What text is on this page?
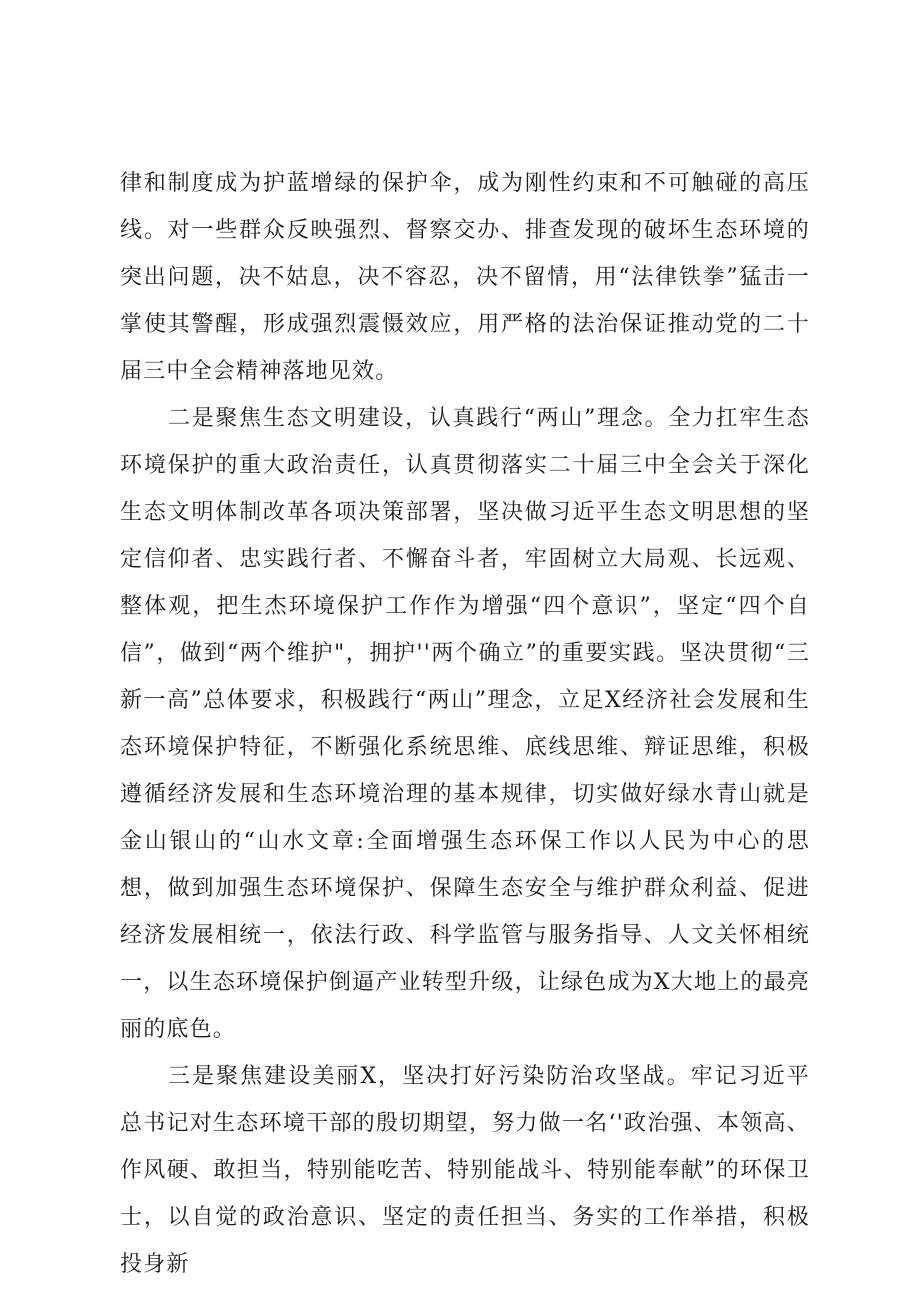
律和制度成为护蓝增绿的保护伞，成为刚性约束和不可触碰的高压线。对一些群众反映强烈、督察交办、排查发现的破坏生态环境的突出问题，决不姑息，决不容忍，决不留情，用“法律铁拳”猛击一掌使其警醒，形成强烈震慑效应，用严格的法治保证推动党的二十届三中全会精神落地见效。

二是聚焦生态文明建设，认真践行“两山”理念。全力扛牢生态环境保护的重大政治责任，认真贯彻落实二十届三中全会关于深化生态文明体制改革各项决策部署，坚决做习近平生态文明思想的坚定信仰者、忠实践行者、不懈奋斗者，牢固树立大局观、长远观、整体观，把生杰环境保护工作作为增强“四个意识”，坚定“四个自信”，做到“两个维护"，拥护''两个确立”的重要实践。坚决贯彻“三新一高”总体要求，积极践行“两山”理念，立足X经济社会发展和生态环境保护特征，不断强化系统思维、底线思维、辩证思维，积极遵循经济发展和生态环境治理的基本规律，切实做好绿水青山就是金山银山的“山水文章:全面增强生态环保工作以人民为中心的思想，做到加强生态环境保护、保障生态安全与维护群众利益、促进经济发展相统一，依法行政、科学监管与服务指导、人文关怀相统一，以生态环境保护倒逼产业转型升级，让绿色成为X大地上的最亮丽的底色。

三是聚焦建设美丽X，坚决打好污染防治攻坚战。牢记习近平总书记对生态环境干部的殷切期望，努力做一名‘'政治强、本领高、作风硬、敢担当，特别能吃苦、特别能战斗、特别能奉献”的环保卫士，以自觉的政治意识、坚定的责任担当、务实的工作举措，积极投身新
